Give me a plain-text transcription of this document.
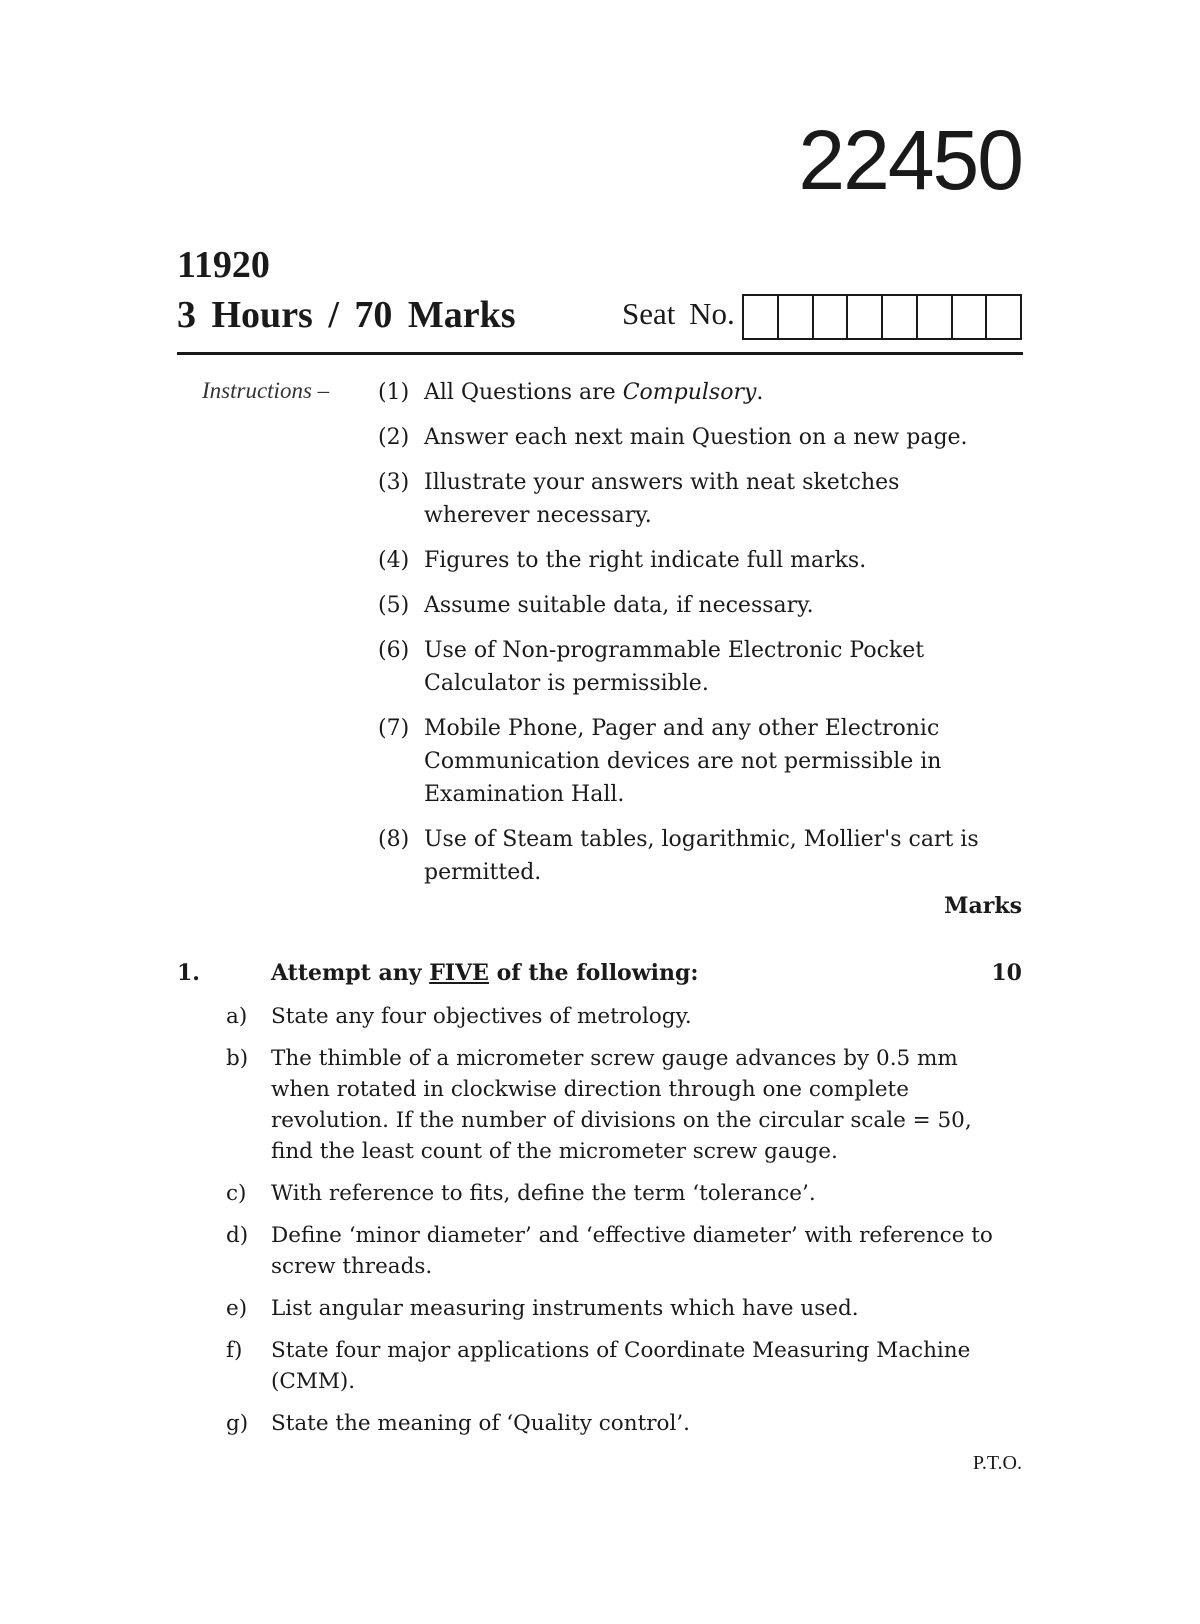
22450
11920
3 Hours / 70 Marks	Seat No.
Instructions – (1) All Questions are Compulsory.
(2) Answer each next main Question on a new page.
(3) Illustrate your answers with neat sketches wherever necessary.
(4) Figures to the right indicate full marks.
(5) Assume suitable data, if necessary.
(6) Use of Non-programmable Electronic Pocket Calculator is permissible.
(7) Mobile Phone, Pager and any other Electronic Communication devices are not permissible in Examination Hall.
(8) Use of Steam tables, logarithmic, Mollier's cart is permitted.
Marks
1.	Attempt any FIVE of the following:	10
a)	State any four objectives of metrology.
b)	The thimble of a micrometer screw gauge advances by 0.5 mm when rotated in clockwise direction through one complete revolution. If the number of divisions on the circular scale = 50, find the least count of the micrometer screw gauge.
c)	With reference to fits, define the term ‘tolerance’.
d)	Define ‘minor diameter’ and ‘effective diameter’ with reference to screw threads.
e)	List angular measuring instruments which have used.
f)	State four major applications of Coordinate Measuring Machine (CMM).
g)	State the meaning of ‘Quality control’.
P.T.O.
